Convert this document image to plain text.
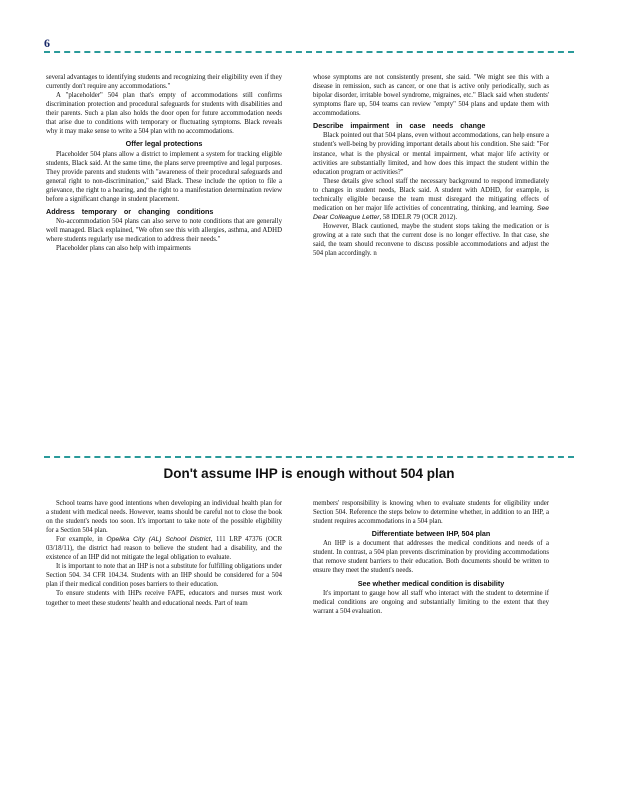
6

several advantages to identifying students and recognizing their eligibility even if they currently don't require any accommodations."

A "placeholder" 504 plan that's empty of accommodations still confirms discrimination protection and procedural safeguards for students with disabilities and their parents. Such a plan also holds the door open for future accommodation needs that arise due to conditions with temporary or fluctuating symptoms. Black reveals why it may make sense to write a 504 plan with no accommodations.

Offer legal protections

Placeholder 504 plans allow a district to implement a system for tracking eligible students, Black said. At the same time, the plans serve preemptive and legal purposes. They provide parents and students with "awareness of their procedural safeguards and general right to non-discrimination," said Black. These include the option to file a grievance, the right to a hearing, and the right to a manifestation determination review before a significant change in student placement.

Address temporary or changing conditions

No-accommodation 504 plans can also serve to note conditions that are generally well managed. Black explained, "We often see this with allergies, asthma, and ADHD where students regularly use medication to address their needs."

Placeholder plans can also help with impairments

whose symptoms are not consistently present, she said. "We might see this with a disease in remission, such as cancer, or one that is active only periodically, such as bipolar disorder, irritable bowel syndrome, migraines, etc." Black said when students' symptoms flare up, 504 teams can review "empty" 504 plans and update them with accommodations.

Describe impairment in case needs change

Black pointed out that 504 plans, even without accommodations, can help ensure a student's well-being by providing important details about his condition. She said: "For instance, what is the physical or mental impairment, what major life activity or activities are substantially limited, and how does this impact the student within the education program or activities?"

These details give school staff the necessary background to respond immediately to changes in student needs, Black said. A student with ADHD, for example, is technically eligible because the team must disregard the mitigating effects of medication on her major life activities of concentrating, thinking, and learning. See Dear Colleague Letter, 58 IDELR 79 (OCR 2012).

However, Black cautioned, maybe the student stops taking the medication or is growing at a rate such that the current dose is no longer effective. In that case, she said, the team should reconvene to discuss possible accommodations and adjust the 504 plan accordingly. n

Don't assume IHP is enough without 504 plan

School teams have good intentions when developing an individual health plan for a student with medical needs. However, teams should be careful not to close the book on the student's needs too soon. It's important to take note of the possible eligibility for a Section 504 plan.

For example, in Opelika City (AL) School District, 111 LRP 47376 (OCR 03/18/11), the district had reason to believe the student had a disability, and the existence of an IHP did not mitigate the legal obligation to evaluate.

It is important to note that an IHP is not a substitute for fulfilling obligations under Section 504. 34 CFR 104.34. Students with an IHP should be considered for a 504 plan if their medical condition poses barriers to their education.

To ensure students with IHPs receive FAPE, educators and nurses must work together to meet these students' health and educational needs. Part of team

members' responsibility is knowing when to evaluate students for eligibility under Section 504. Reference the steps below to determine whether, in addition to an IHP, a student requires accommodations in a 504 plan.

Differentiate between IHP, 504 plan

An IHP is a document that addresses the medical conditions and needs of a student. In contrast, a 504 plan prevents discrimination by providing accommodations that remove student barriers to their education. Both documents should be written to ensure they meet the student's needs.

See whether medical condition is disability

It's important to gauge how all staff who interact with the student to determine if medical conditions are ongoing and substantially limiting to the extent that they warrant a 504 evaluation.
